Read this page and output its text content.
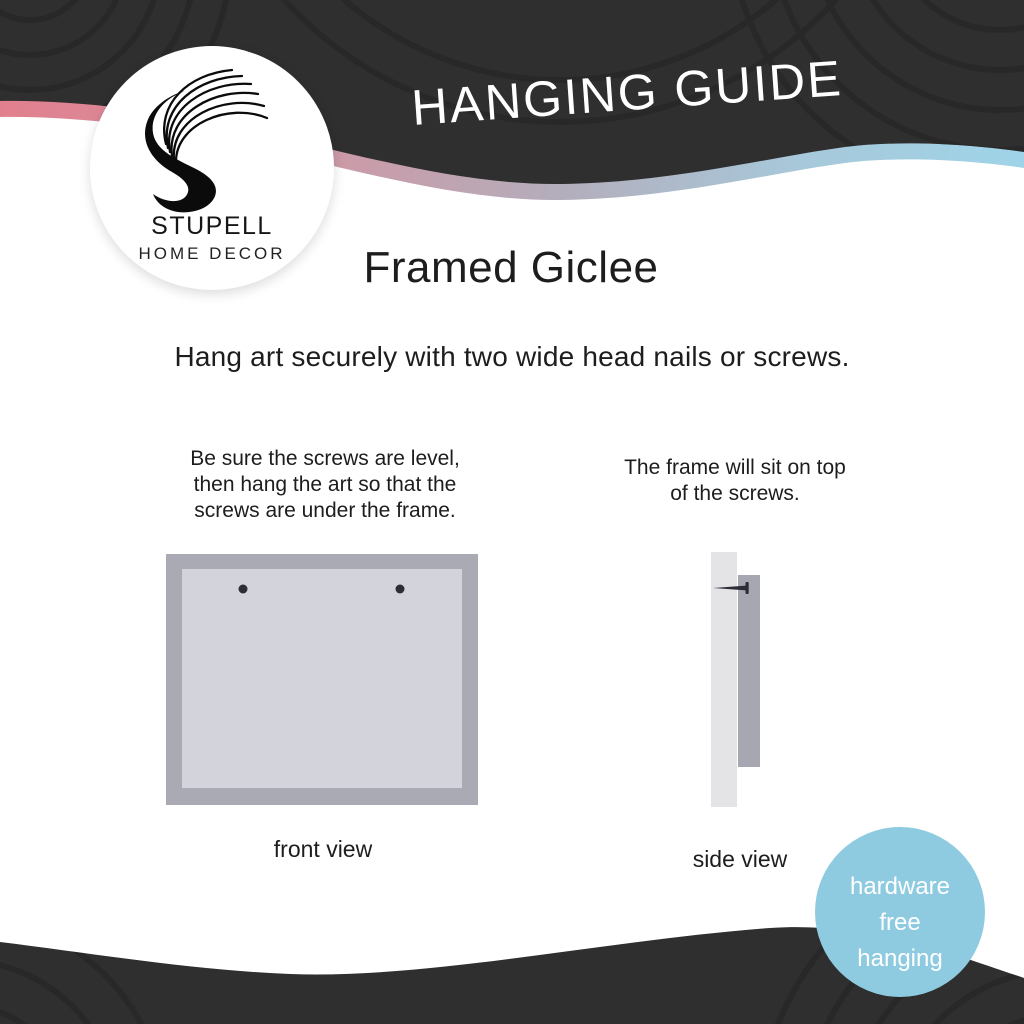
STUPELL
HOME DECOR
HANGING GUIDE
Framed Giclee
Hang art securely with two wide head nails or screws.
Be sure the screws are level,
then hang the art so that the
screws are under the frame.
The frame will sit on top
of the screws.
front view	side view
hardware
free
hanging
